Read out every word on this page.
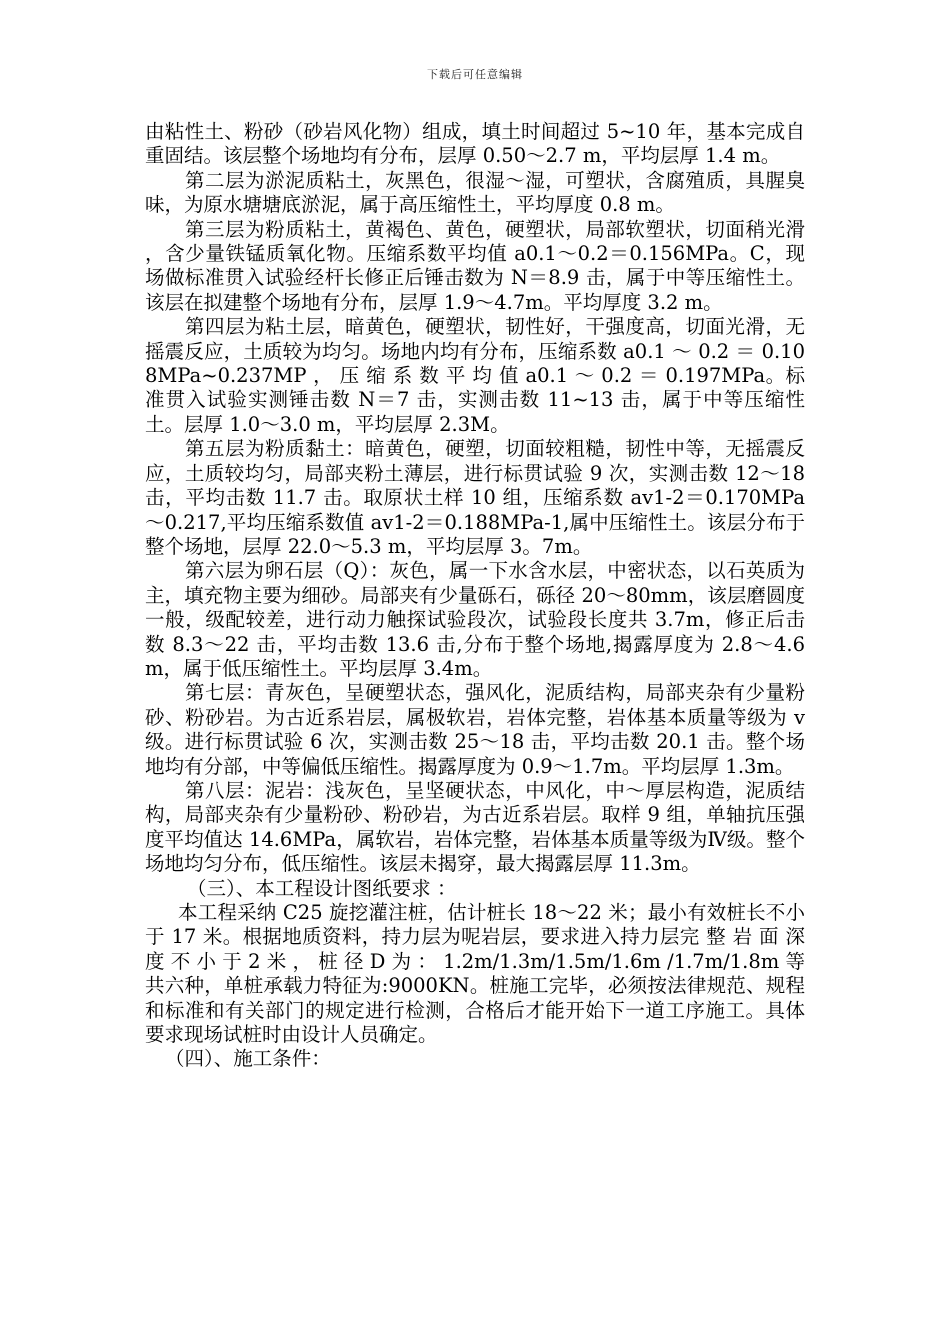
下载后可任意编辑

由粘性土、粉砂（砂岩风化物）组成，填土时间超过 5~10 年，基本完成自重固结。该层整个场地均有分布，层厚 0.50～2.7 m，平均层厚 1.4 m。

第二层为淤泥质粘土，灰黑色，很湿～湿，可塑状，含腐殖质，具腥臭味，为原水塘塘底淤泥，属于高压缩性土，平均厚度 0.8 m。

第三层为粉质粘土，黄褐色、黄色，硬塑状，局部软塑状，切面稍光滑 ，含少量铁锰质氧化物。压缩系数平均值 a0.1～0.2＝0.156MPa。C，现场做标准贯入试验经杆长修正后锤击数为 N＝8.9 击，属于中等压缩性土。该层在拟建整个场地有分布，层厚 1.9～4.7m。平均厚度 3.2 m。

第四层为粘土层，暗黄色，硬塑状，韧性好，干强度高，切面光滑，无摇震反应，土质较为均匀。场地内均有分布，压缩系数 a0.1 ～ 0.2 ＝ 0.108MPa~0.237MP ， 压 缩 系 数 平 均 值 a0.1 ～ 0.2 ＝ 0.197MPa。标准贯入试验实测锤击数 N＝7 击，实测击数 11~13 击，属于中等压缩性土。层厚 1.0～3.0 m，平均层厚 2.3M。

第五层为粉质黏土：暗黄色，硬塑，切面较粗糙，韧性中等，无摇震反应，土质较均匀，局部夹粉土薄层，进行标贯试验 9 次，实测击数 12～18 击，平均击数 11.7 击。取原状土样 10 组，压缩系数 av1-2＝0.170MPa～0.217,平均压缩系数值 av1-2＝0.188MPa-1,属中压缩性土。该层分布于整个场地，层厚 22.0～5.3 m，平均层厚 3。7m。

第六层为卵石层（Q）：灰色，属一下水含水层，中密状态，以石英质为主，填充物主要为细砂。局部夹有少量砾石，砾径 20～80mm，该层磨圆度一般，级配较差，进行动力触探试验段次，试验段长度共 3.7m，修正后击数 8.3～22 击，平均击数 13.6 击,分布于整个场地,揭露厚度为 2.8～4.6m，属于低压缩性土。平均层厚 3.4m。

第七层：青灰色，呈硬塑状态，强风化，泥质结构，局部夹杂有少量粉砂、粉砂岩。为古近系岩层，属极软岩，岩体完整，岩体基本质量等级为 v 级。进行标贯试验 6 次，实测击数 25～18 击，平均击数 20.1 击。整个场地均有分部，中等偏低压缩性。揭露厚度为 0.9～1.7m。平均层厚 1.3m。

第八层：泥岩：浅灰色，呈坚硬状态，中风化，中～厚层构造，泥质结构，局部夹杂有少量粉砂、粉砂岩，为古近系岩层。取样 9 组，单轴抗压强度平均值达 14.6MPa，属软岩，岩体完整，岩体基本质量等级为Ⅳ级。整个场地均匀分布，低压缩性。该层未揭穿，最大揭露层厚 11.3m。

（三）、本工程设计图纸要求 ：

本工程采纳 C25 旋挖灌注桩，估计桩长 18～22 米；最小有效桩长不小于 17 米。根据地质资料，持力层为呢岩层，要求进入持力层完 整 岩 面 深 度 不 小 于 2 米 ， 桩 径 D 为 ： 1.2m/1.3m/1.5m/1.6m /1.7m/1.8m 等共六种，单桩承载力特征为:9000KN。桩施工完毕，必须按法律规范、规程和标准和有关部门的规定进行检测，合格后才能开始下一道工序施工。具体要求现场试桩时由设计人员确定。

（四）、施工条件：
